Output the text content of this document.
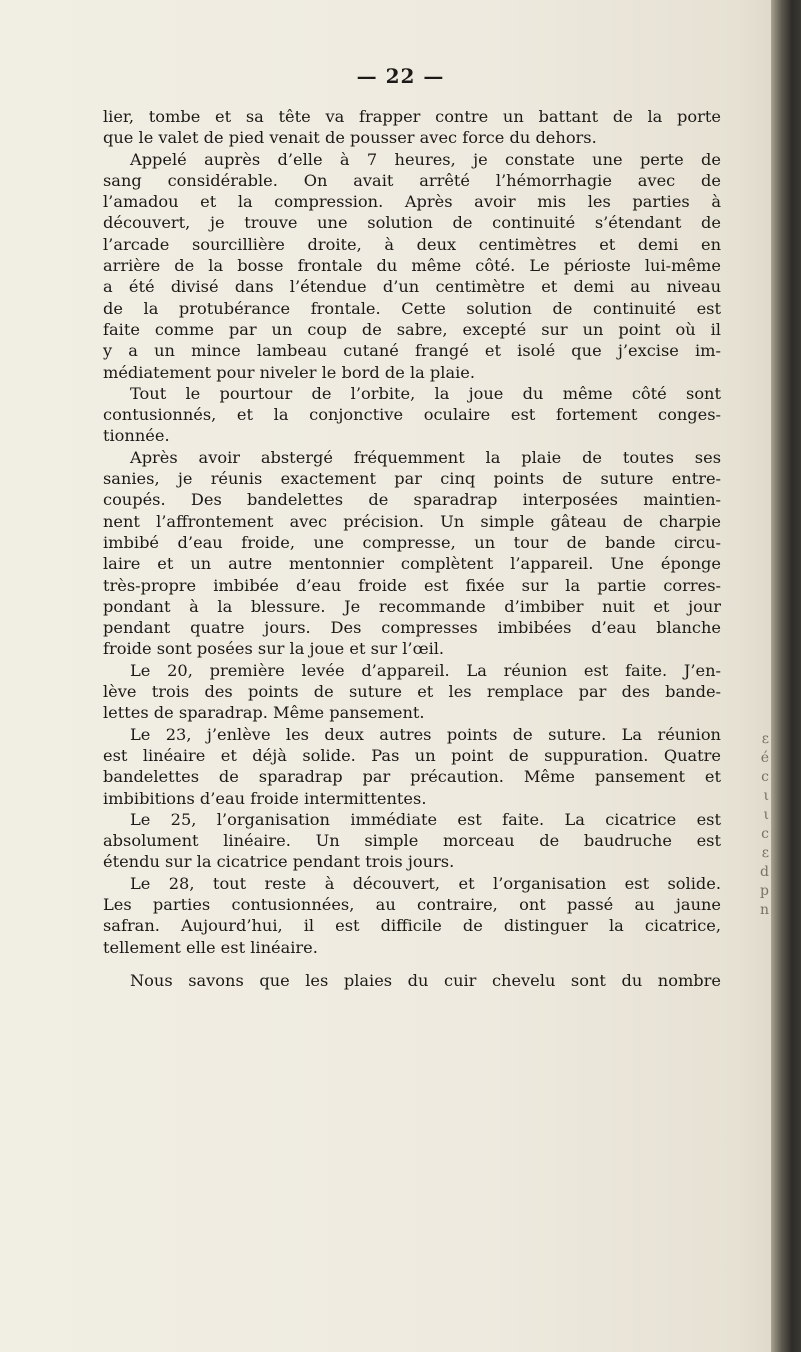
— 22 —
lier, tombe et sa tête va frapper contre un battant de la porte
que le valet de pied venait de pousser avec force du dehors.
Appelé auprès d’elle à 7 heures, je constate une perte de
sang considérable. On avait arrêté l’hémorrhagie avec de
l’amadou et la compression. Après avoir mis les parties à
découvert, je trouve une solution de continuité s’étendant de
l’arcade sourcillière droite, à deux centimètres et demi en
arrière de la bosse frontale du même côté. Le périoste lui-même
a été divisé dans l’étendue d’un centimètre et demi au niveau
de la protubérance frontale. Cette solution de continuité est
faite comme par un coup de sabre, excepté sur un point où il
y a un mince lambeau cutané frangé et isolé que j’excise im-
médiatement pour niveler le bord de la plaie.
Tout le pourtour de l’orbite, la joue du même côté sont
contusionnés, et la conjonctive oculaire est fortement conges-
tionnée.
Après avoir abstergé fréquemment la plaie de toutes ses
sanies, je réunis exactement par cinq points de suture entre-
coupés. Des bandelettes de sparadrap interposées maintien-
nent l’affrontement avec précision. Un simple gâteau de charpie
imbibé d’eau froide, une compresse, un tour de bande circu-
laire et un autre mentonnier complètent l’appareil. Une éponge
très-propre imbibée d’eau froide est fixée sur la partie corres-
pondant à la blessure. Je recommande d’imbiber nuit et jour
pendant quatre jours. Des compresses imbibées d’eau blanche
froide sont posées sur la joue et sur l’œil.
Le 20, première levée d’appareil. La réunion est faite. J’en-
lève trois des points de suture et les remplace par des bande-
lettes de sparadrap. Même pansement.
Le 23, j’enlève les deux autres points de suture. La réunion
est linéaire et déjà solide. Pas un point de suppuration. Quatre
bandelettes de sparadrap par précaution. Même pansement et
imbibitions d’eau froide intermittentes.
Le 25, l’organisation immédiate est faite. La cicatrice est
absolument linéaire. Un simple morceau de baudruche est
étendu sur la cicatrice pendant trois jours.
Le 28, tout reste à découvert, et l’organisation est solide.
Les parties contusionnées, au contraire, ont passé au jaune
safran. Aujourd’hui, il est difficile de distinguer la cicatrice,
tellement elle est linéaire.
Nous savons que les plaies du cuir chevelu sont du nombre
ε
é
c
ι
ι
c
ε
d
p
n
